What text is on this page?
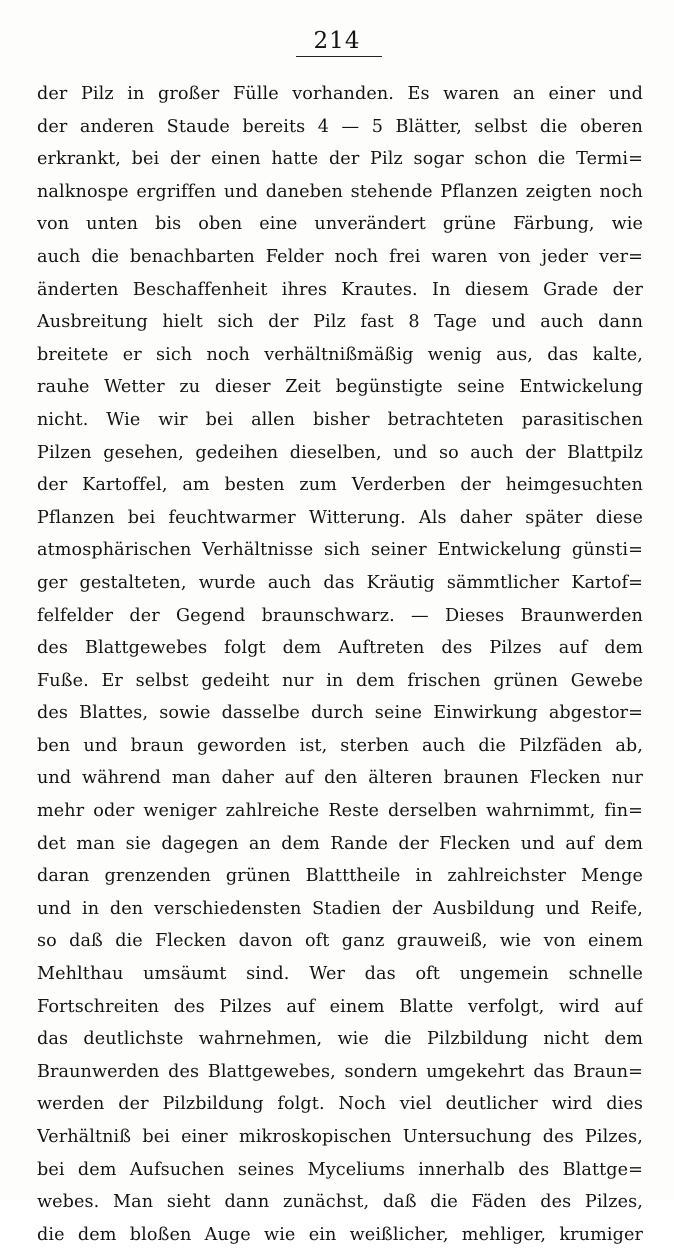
214
der Pilz in großer Fülle vorhanden. Es waren an einer und
der anderen Staude bereits 4 — 5 Blätter, selbst die oberen
erkrankt, bei der einen hatte der Pilz sogar schon die Termi=
nalknospe ergriffen und daneben stehende Pflanzen zeigten noch
von unten bis oben eine unverändert grüne Färbung, wie
auch die benachbarten Felder noch frei waren von jeder ver=
änderten Beschaffenheit ihres Krautes. In diesem Grade der
Ausbreitung hielt sich der Pilz fast 8 Tage und auch dann
breitete er sich noch verhältnißmäßig wenig aus, das kalte,
rauhe Wetter zu dieser Zeit begünstigte seine Entwickelung
nicht. Wie wir bei allen bisher betrachteten parasitischen
Pilzen gesehen, gedeihen dieselben, und so auch der Blattpilz
der Kartoffel, am besten zum Verderben der heimgesuchten
Pflanzen bei feuchtwarmer Witterung. Als daher später diese
atmosphärischen Verhältnisse sich seiner Entwickelung günsti=
ger gestalteten, wurde auch das Kräutig sämmtlicher Kartof=
felfelder der Gegend braunschwarz. — Dieses Braunwerden
des Blattgewebes folgt dem Auftreten des Pilzes auf dem
Fuße. Er selbst gedeiht nur in dem frischen grünen Gewebe
des Blattes, sowie dasselbe durch seine Einwirkung abgestor=
ben und braun geworden ist, sterben auch die Pilzfäden ab,
und während man daher auf den älteren braunen Flecken nur
mehr oder weniger zahlreiche Reste derselben wahrnimmt, fin=
det man sie dagegen an dem Rande der Flecken und auf dem
daran grenzenden grünen Blatttheile in zahlreichster Menge
und in den verschiedensten Stadien der Ausbildung und Reife,
so daß die Flecken davon oft ganz grauweiß, wie von einem
Mehlthau umsäumt sind. Wer das oft ungemein schnelle
Fortschreiten des Pilzes auf einem Blatte verfolgt, wird auf
das deutlichste wahrnehmen, wie die Pilzbildung nicht dem
Braunwerden des Blattgewebes, sondern umgekehrt das Braun=
werden der Pilzbildung folgt. Noch viel deutlicher wird dies
Verhältniß bei einer mikroskopischen Untersuchung des Pilzes,
bei dem Aufsuchen seines Myceliums innerhalb des Blattge=
webes. Man sieht dann zunächst, daß die Fäden des Pilzes,
die dem bloßen Auge wie ein weißlicher, mehliger, krumiger
